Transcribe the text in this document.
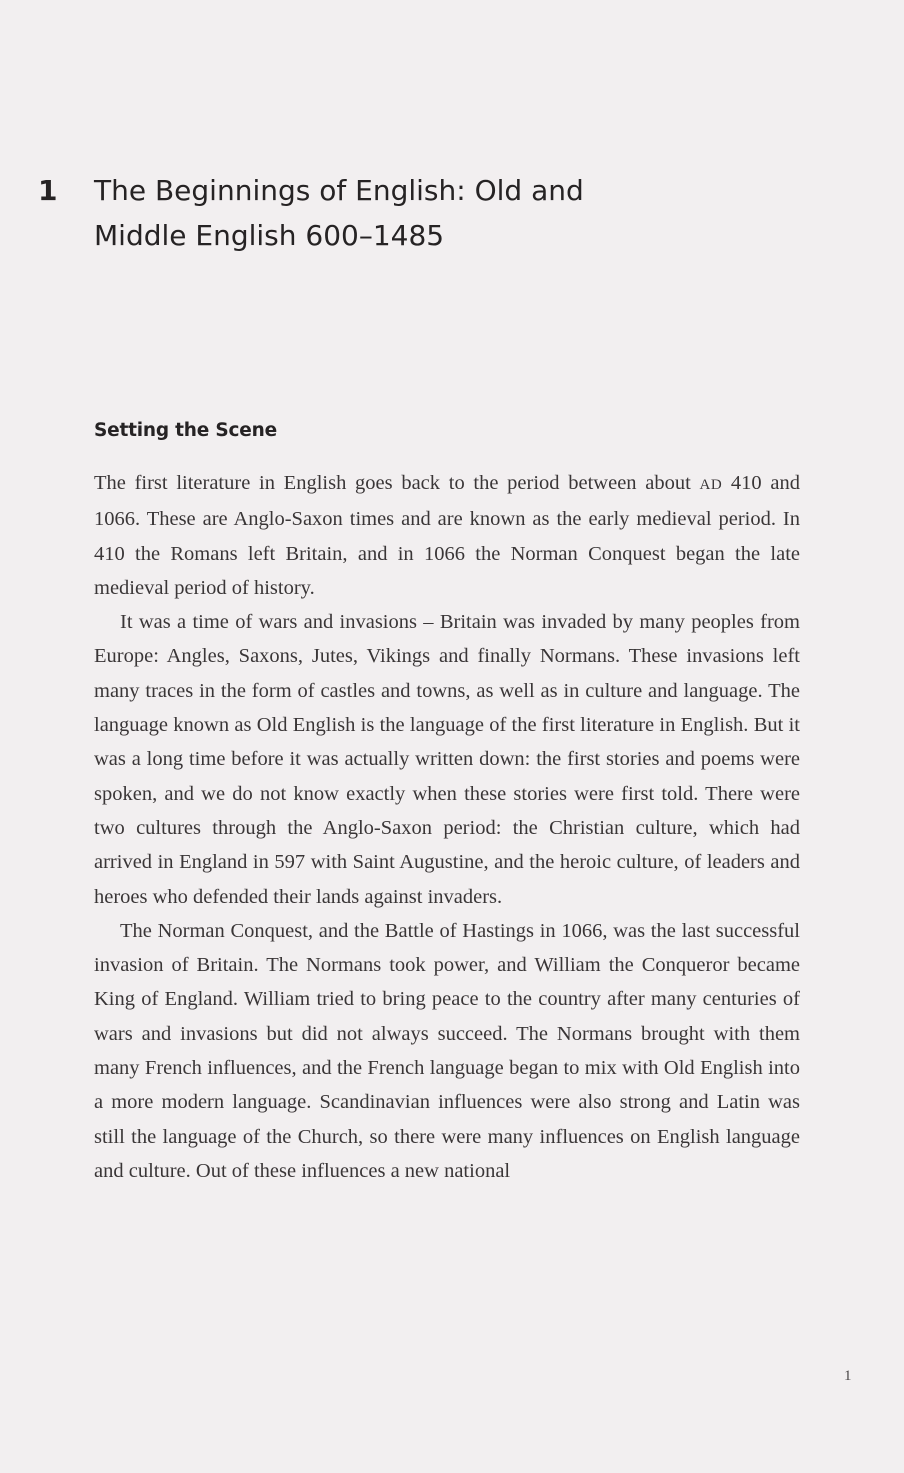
1 The Beginnings of English: Old and
Middle English 600–1485
Setting the Scene

The first literature in English goes back to the period between about AD 410 and 1066. These are Anglo-Saxon times and are known as the early medieval period. In 410 the Romans left Britain, and in 1066 the Norman Conquest began the late medieval period of history.

It was a time of wars and invasions – Britain was invaded by many peoples from Europe: Angles, Saxons, Jutes, Vikings and finally Normans. These invasions left many traces in the form of castles and towns, as well as in culture and language. The language known as Old English is the language of the first literature in English. But it was a long time before it was actually written down: the first stories and poems were spoken, and we do not know exactly when these stories were first told. There were two cultures through the Anglo-Saxon period: the Christian culture, which had arrived in England in 597 with Saint Augustine, and the heroic culture, of leaders and heroes who defended their lands against invaders.

The Norman Conquest, and the Battle of Hastings in 1066, was the last successful invasion of Britain. The Normans took power, and William the Conqueror became King of England. William tried to bring peace to the country after many centuries of wars and invasions but did not always succeed. The Normans brought with them many French influences, and the French language began to mix with Old English into a more modern language. Scandinavian influences were also strong and Latin was still the language of the Church, so there were many influences on English language and culture. Out of these influences a new national

1
